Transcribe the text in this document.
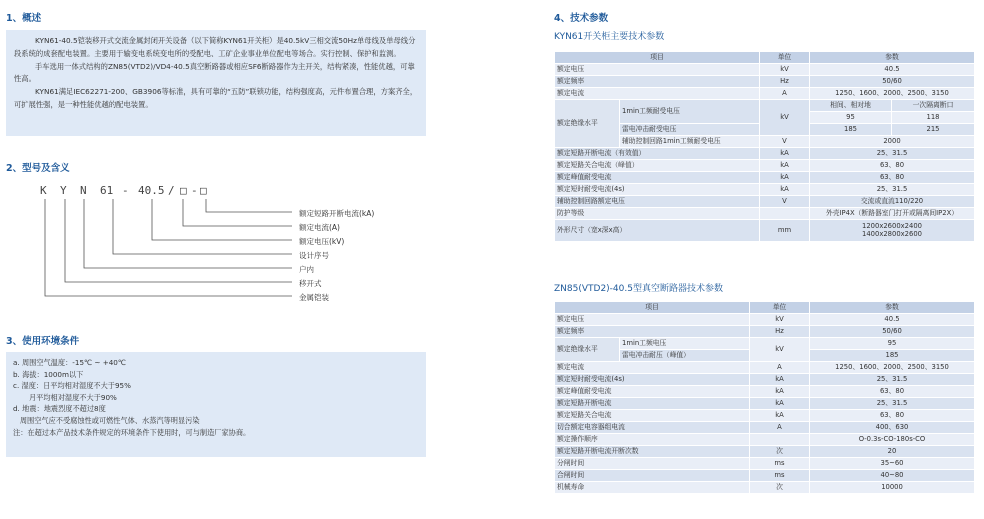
1、概述

KYN61-40.5铠装移开式交流金属封闭开关设备（以下简称KYN61开关柜）是40.5kV三相交流50Hz单母线及单母线分段系统的成套配电装置。主要用于输变电系统变电所的受配电、工矿企业事业单位配电等场合。实行控制、保护和监测。

手车选用一体式结构的ZN85(VTD2)/VD4-40.5真空断路器或相应SF6断路器作为主开关，结构紧凑，性能优越，可靠性高。

KYN61满足IEC62271-200、GB3906等标准，具有可靠的“五防”联锁功能，结构强度高，元件布置合理，方案齐全，可扩展性强，是一种性能优越的配电装置。

2、型号及含义

K

Y

N

61

-

40.5

/

□

-

□

额定短路开断电流(kA)
额定电流(A)
额定电压(kV)
设计序号
户内
移开式
金属铠装
3、使用环境条件
a. 周围空气温度：-15℃ ~ +40℃
b. 海拔：1000m以下
c. 湿度：日平均相对湿度不大于95%
月平均相对湿度不大于90%
d. 地震：地震烈度不超过8度
周围空气应不受腐蚀性或可燃性气体、水蒸汽等明显污染
注：在超过本产品技术条件规定的环境条件下使用时，可与制造厂家协商。
4、技术参数
KYN61开关柜主要技术参数
项目		单位	参数	
额定电压		kV	40.5	
额定频率		Hz	50/60	
额定电流		A	1250、1600、2000、2500、3150	
额定绝缘水平	1min工频耐受电压	kV	相间、相对地	一次隔离断口
			95	118
	雷电冲击耐受电压		185	215
	辅助控制回路1min工频耐受电压	V	2000	
额定短路开断电流（有效值）		kA	25、31.5	
额定短路关合电流（峰值）		kA	63、80	
额定峰值耐受电流		kA	63、80	
额定短时耐受电流(4s)		kA	25、31.5	
辅助控制回路额定电压		V	交流或直流110/220	
防护等级			外壳IP4X（断路器室门打开或隔离间IP2X）	
外形尺寸（宽x深x高）		mm	1200x2600x2400
1400x2800x2600	
ZN85(VTD2)-40.5型真空断路器技术参数
项目		单位	参数
额定电压		kV	40.5
额定频率		Hz	50/60
额定绝缘水平	1min工频电压	kV	95
	雷电冲击耐压（峰值）		185
额定电流		A	1250、1600、2000、2500、3150
额定短时耐受电流(4s)		kA	25、31.5
额定峰值耐受电流		kA	63、80
额定短路开断电流		kA	25、31.5
额定短路关合电流		kA	63、80
切合额定电容器组电流		A	400、630
额定操作顺序			O-0.3s-CO-180s-CO
额定短路开断电流开断次数		次	20
分闸时间		ms	35~60
合闸时间		ms	40~80
机械寿命		次	10000
